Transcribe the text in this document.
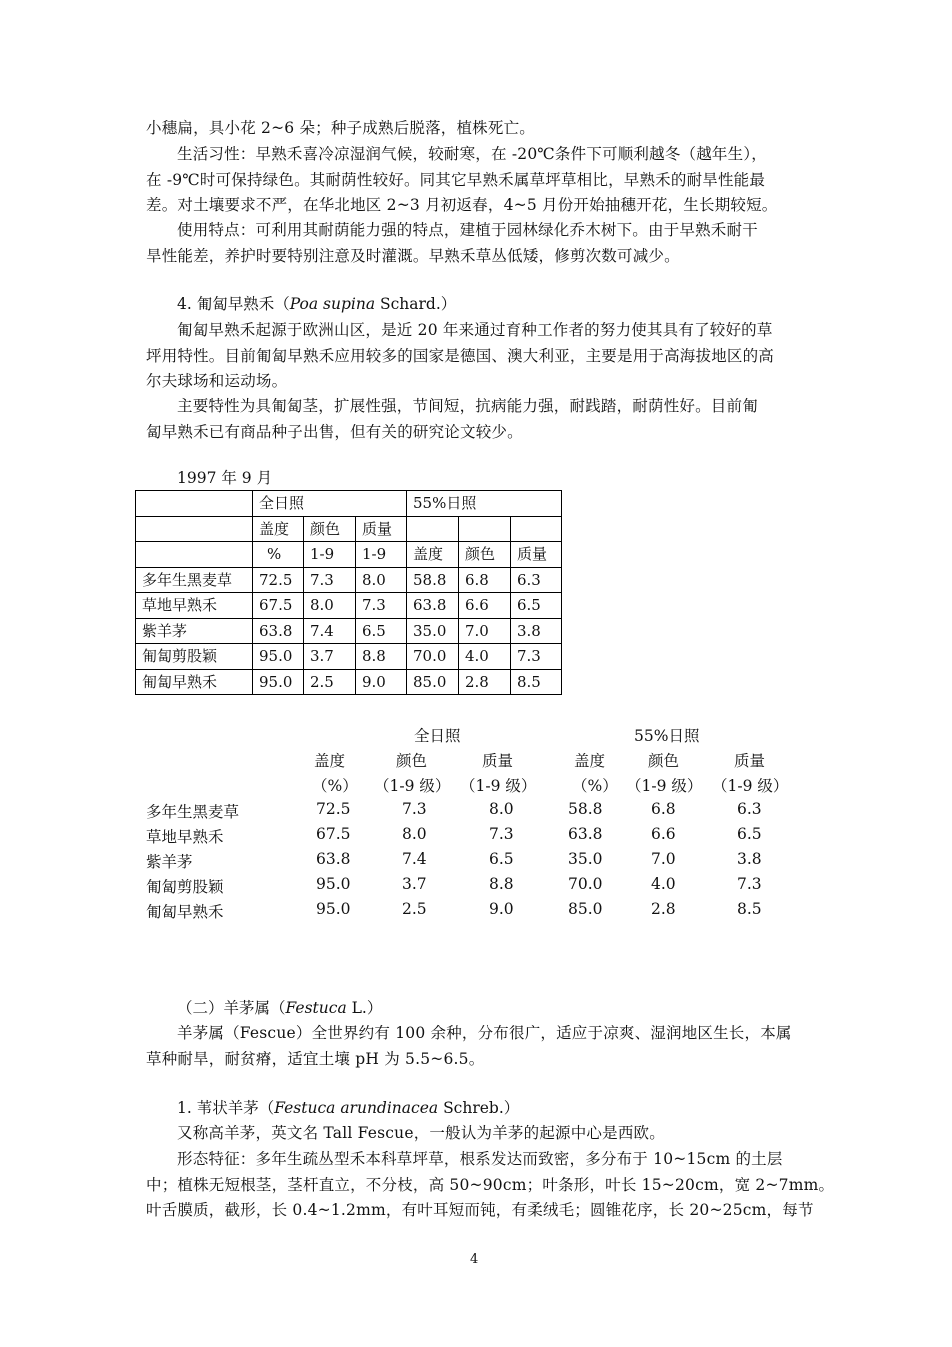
小穗扁，具小花 2~6 朵；种子成熟后脱落，植株死亡。

生活习性：早熟禾喜冷凉湿润气候，较耐寒，在 -20℃条件下可顺利越冬（越年生），
在 -9℃时可保持绿色。其耐荫性较好。同其它早熟禾属草坪草相比，早熟禾的耐旱性能最
差。对土壤要求不严，在华北地区 2~3 月初返春，4~5 月份开始抽穗开花，生长期较短。

使用特点：可利用其耐荫能力强的特点，建植于园林绿化乔木树下。由于早熟禾耐干
旱性能差，养护时要特别注意及时灌溉。早熟禾草丛低矮，修剪次数可减少。

4. 匍匐早熟禾（Poa supina Schard.）

匍匐早熟禾起源于欧洲山区，是近 20 年来通过育种工作者的努力使其具有了较好的草
坪用特性。目前匍匐早熟禾应用较多的国家是德国、澳大利亚，主要是用于高海拔地区的高
尔夫球场和运动场。

主要特性为具匍匐茎，扩展性强，节间短，抗病能力强，耐践踏，耐荫性好。目前匍
匐早熟禾已有商品种子出售，但有关的研究论文较少。

1997 年 9 月

	全日照			55%日照		
	盖度	颜色	质量			
	%	1-9	1-9	盖度	颜色	质量
多年生黑麦草	72.5	7.3	8.0	58.8	6.8	6.3
草地早熟禾	67.5	8.0	7.3	63.8	6.6	6.5
紫羊茅	63.8	7.4	6.5	35.0	7.0	3.8
匍匐剪股颖	95.0	3.7	8.8	70.0	4.0	7.3
匍匐早熟禾	95.0	2.5	9.0	85.0	2.8	8.5
全日照	55%日照
盖度	颜色	质量	盖度	颜色	质量
（%） （1-9 级） （1-9 级） （%） （1-9 级） （1-9 级）
多年生黑麦草	72.5	7.3	8.0	58.8	6.8	6.3
草地早熟禾	67.5	8.0	7.3	63.8	6.6	6.5
紫羊茅	63.8	7.4	6.5	35.0	7.0	3.8
匍匐剪股颖	95.0	3.7	8.8	70.0	4.0	7.3
匍匐早熟禾	95.0	2.5	9.0	85.0	2.8	8.5

（二）羊茅属（Festuca L.）

羊茅属（Fescue）全世界约有 100 余种，分布很广，适应于凉爽、湿润地区生长，本属
草种耐旱，耐贫瘠，适宜土壤 pH 为 5.5~6.5。

1. 苇状羊茅（Festuca arundinacea Schreb.）

又称高羊茅，英文名 Tall Fescue，一般认为羊茅的起源中心是西欧。

形态特征：多年生疏丛型禾本科草坪草，根系发达而致密，多分布于 10~15cm 的土层
中；植株无短根茎，茎杆直立，不分枝，高 50~90cm；叶条形，叶长 15~20cm，宽 2~7mm。
叶舌膜质，截形，长 0.4~1.2mm，有叶耳短而钝，有柔绒毛；圆锥花序，长 20~25cm，每节

4
